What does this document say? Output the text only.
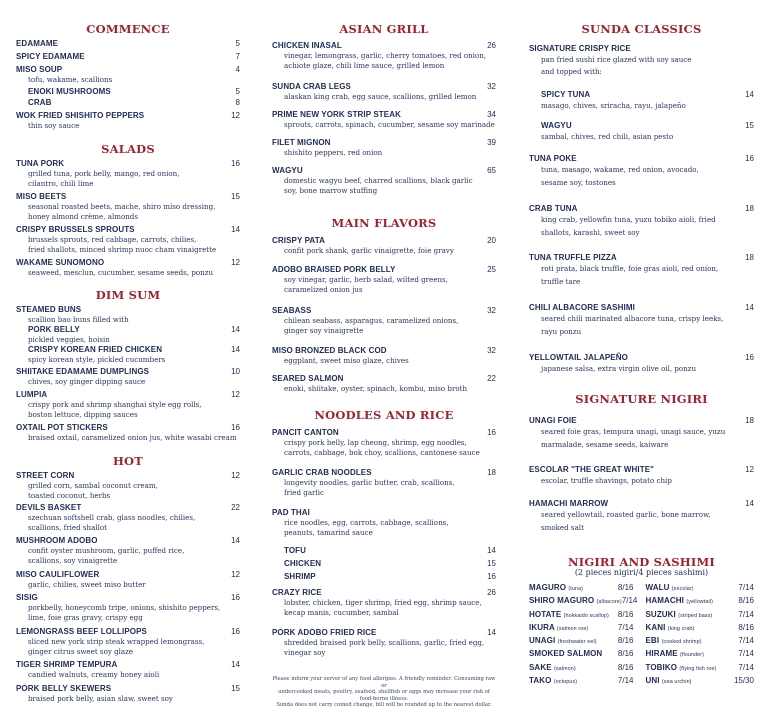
COMMENCE
EDAMAME	5
SPICY EDAMAME	7
MISO SOUP	4
tofu, wakame, scallions
ENOKI MUSHROOMS	5
CRAB	8
WOK FRIED SHISHITO PEPPERS	12
thin soy sauce
SALADS
TUNA PORK	16
grilled tuna, pork belly, mango, red onion,
cilantro, chili lime
MISO BEETS	15
seasonal roasted beets, mache, shiro miso dressing,
honey almond crème, almonds
CRISPY BRUSSELS SPROUTS	14
brussels sprouts, red cabbage, carrots, chilies,
fried shallots, minced shrimp nuoc cham vinaigrette
WAKAME SUNOMONO	12
seaweed, mesclun, cucumber, sesame seeds, ponzu
DIM SUM
STEAMED BUNS
scallion bao buns filled with
PORK BELLY	14
pickled veggies, hoisin
CRISPY KOREAN FRIED CHICKEN	14
spicy korean style, pickled cucumbers
SHIITAKE EDAMAME DUMPLINGS	10
chives, soy ginger dipping sauce
LUMPIA	12
crispy pork and shrimp shanghai style egg rolls,
boston lettuce, dipping sauces
OXTAIL POT STICKERS	16
braised oxtail, caramelized onion jus, white wasabi cream
HOT
STREET CORN	12
grilled corn, sambal coconut cream,
toasted coconut, herbs
DEVILS BASKET	22
szechuan softshell crab, glass noodles, chilies,
scallions, fried shallot
MUSHROOM ADOBO	14
confit oyster mushroom, garlic, puffed rice,
scallions, soy vinaigrette
MISO CAULIFLOWER	12
garlic, chilies, sweet miso butter
SISIG	16
porkbelly, honeycomb tripe, onions, shishito peppers,
lime, foie gras gravy, crispy egg
LEMONGRASS BEEF LOLLIPOPS	16
sliced new york strip steak wrapped lemongrass,
ginger citrus sweet soy glaze
TIGER SHRIMP TEMPURA	14
candied walnuts, creamy honey aioli
PORK BELLY SKEWERS	15
braised pork belly, asian slaw, sweet soy
ASIAN GRILL
CHICKEN INASAL	26
vinegar, lemongrass, garlic, cherry tomatoes, red onion,
achiote glaze, chili lime sauce, grilled lemon
SUNDA CRAB LEGS	32
alaskan king crab, egg sauce, scallions, grilled lemon
PRIME NEW YORK STRIP STEAK	34
sprouts, carrots, spinach, cucumber, sesame soy marinade
FILET MIGNON	39
shishito peppers, red onion
WAGYU	65
domestic wagyu beef, charred scallions, black garlic
soy, bone marrow stuffing
MAIN FLAVORS
CRISPY PATA	20
confit pork shank, garlic vinaigrette, foie gravy
ADOBO BRAISED PORK BELLY	25
soy vinegar, garlic, herb salad, wilted greens,
caramelized onion jus
SEABASS	32
chilean seabass, asparagus, caramelized onions,
ginger soy vinaigrette
MISO BRONZED BLACK COD	32
eggplant, sweet miso glaze, chives
SEARED SALMON	22
enoki, shiitake, oyster, spinach, kombu, miso broth
NOODLES AND RICE
PANCIT CANTON	16
crispy pork belly, lap cheong, shrimp, egg noodles,
carrots, cabbage, bok choy, scallions, cantonese sauce
GARLIC CRAB NOODLES	18
longevity noodles, garlic butter, crab, scallions,
fried garlic
PAD THAI
rice noodles, egg, carrots, cabbage, scallions,
peanuts, tamarind sauce
TOFU	14
CHICKEN	15
SHRIMP	16
CRAZY RICE	26
lobster, chicken, tiger shrimp, fried egg, shrimp sauce,
kecap manis, cucumber, sambal
PORK ADOBO FRIED RICE	14
shredded braised pork belly, scallions, garlic, fried egg,
vinegar soy
Please inform your server of any food allergies. A friendly reminder: Consuming raw or
undercooked meats, poultry, seafood, shellfish or eggs may increase your risk of food-borne illness.
Sunda does not carry coined change, bill will be rounded up to the nearest dollar.
SUNDA CLASSICS
SIGNATURE CRISPY RICE
pan fried sushi rice glazed with soy sauce
and topped with:
SPICY TUNA	14
masago, chives, sriracha, rayu, jalapeño
WAGYU	15
sambal, chives, red chili, asian pesto
TUNA POKE	16
tuna, masago, wakame, red onion, avocado,
sesame soy, tostones
CRAB TUNA	18
king crab, yellowfin tuna, yuzu tobiko aioli, fried
shallots, karashi, sweet soy
TUNA TRUFFLE PIZZA	18
roti prata, black truffle, foie gras aioli, red onion,
truffle tare
CHILI ALBACORE SASHIMI	14
seared chili marinated albacore tuna, crispy leeks,
rayu ponzu
YELLOWTAIL JALAPEÑO	16
japanese salsa, extra virgin olive oil, ponzu
SIGNATURE NIGIRI
UNAGI FOIE	18
seared foie gras, tempura unagi, unagi sauce, yuzu
marmalade, sesame seeds, kaiware
ESCOLAR "THE GREAT WHITE"	12
escolar, truffle shavings, potato chip
HAMACHI MARROW	14
seared yellowtail, roasted garlic, bone marrow,
smoked salt
NIGIRI AND SASHIMI
(2 pieces nigiri/4 pieces sashimi)
MAGURO (tuna)	8/16 WALU (escolar)	7/14
SHIRO MAGURO (albacore) 7/14 HAMACHI (yellowtail)	8/16
HOTATE (hokkaido scallop) 8/16 SUZUKI (striped bass)	7/14
IKURA (salmon roe)	7/14 KANI (king crab)	8/16
UNAGI (freshwater eel)	8/16 EBI (cooked shrimp)	7/14
SMOKED SALMON 8/16 HIRAME (flounder)	7/14
SAKE (salmon)	8/16 TOBIKO (flying fish roe)	7/14
TAKO (octopus)	7/14 UNI (sea urchin)	15/30
